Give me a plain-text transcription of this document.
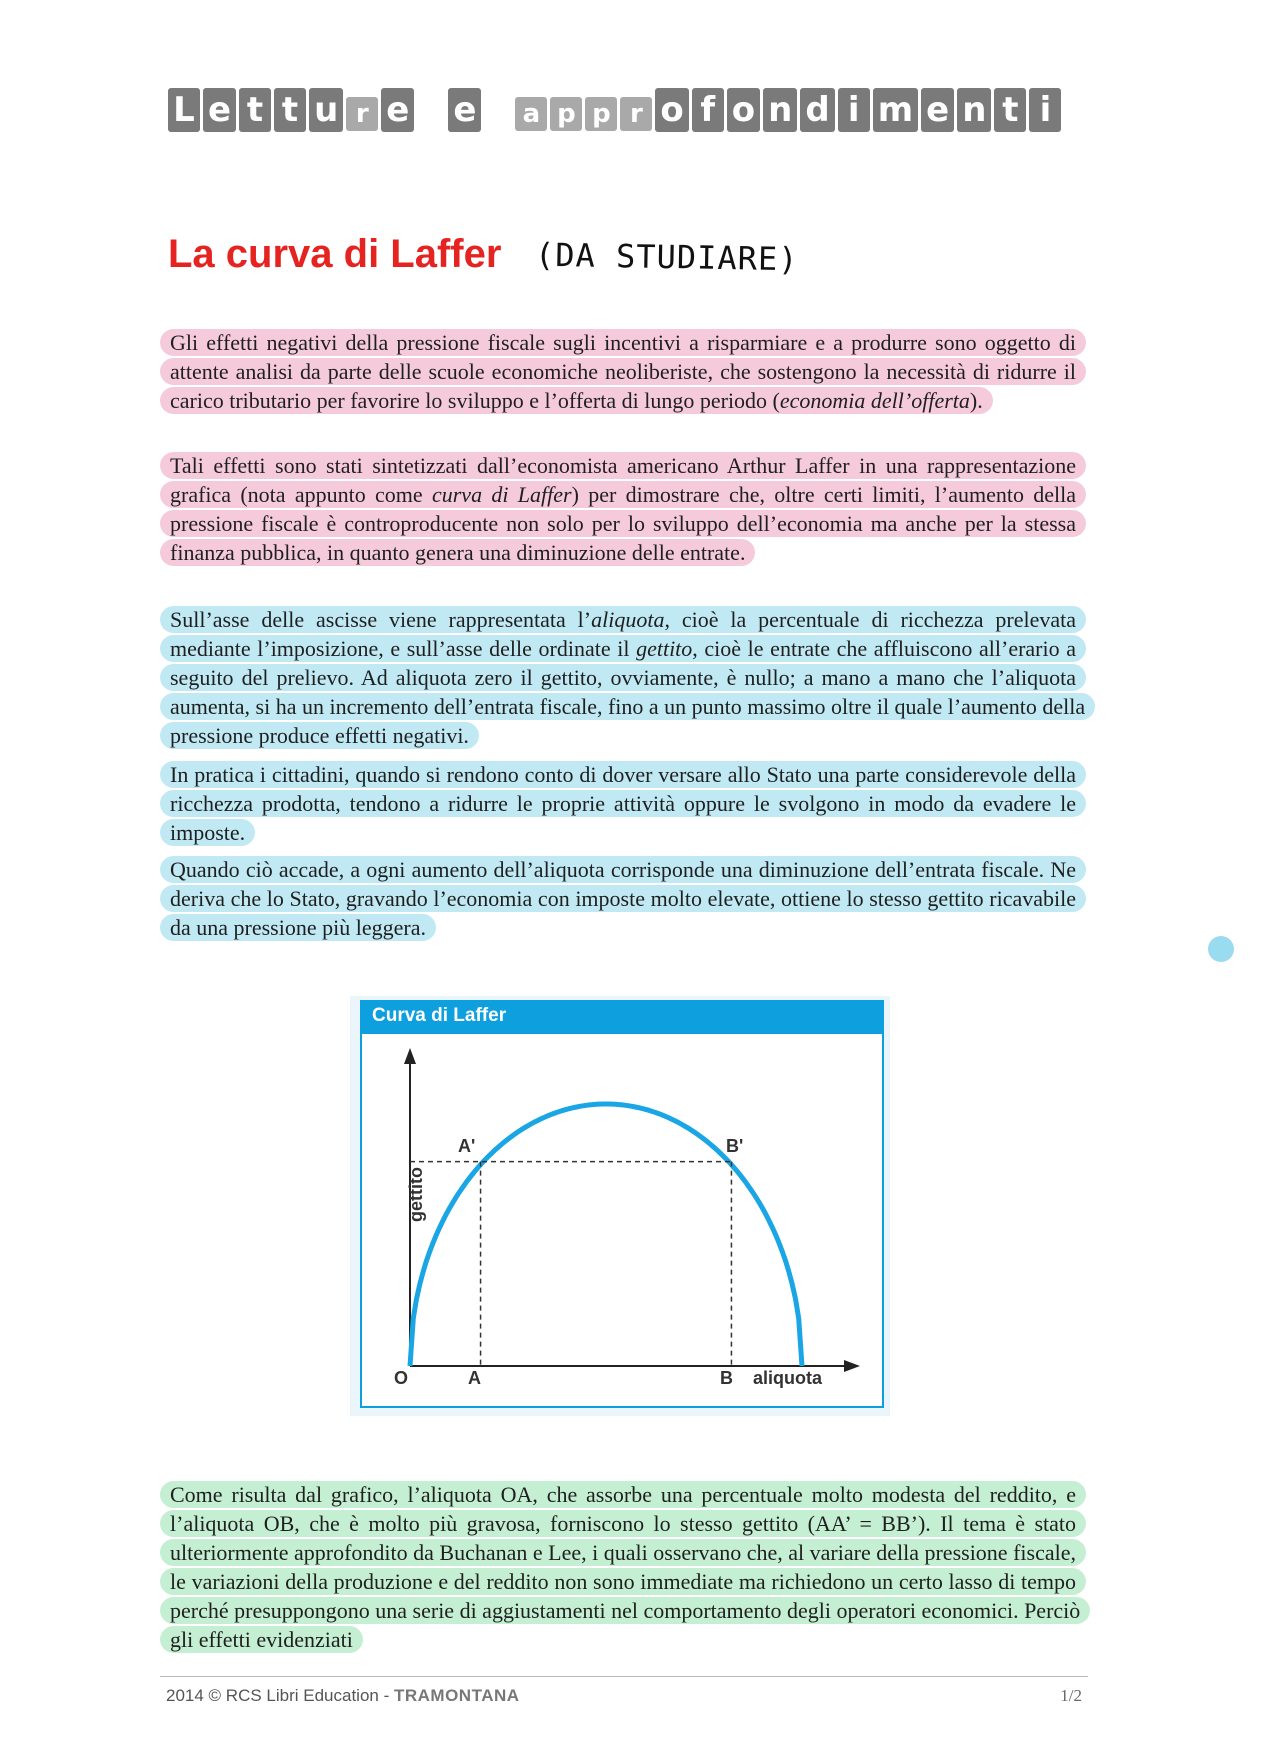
L e t t u r e e a p p r o f o n d i m e n t i
La curva di Laffer (DA STUDIARE)

Gli effetti negativi della pressione fiscale sugli incentivi a risparmiare e a produrre sono oggetto di attente analisi da parte delle scuole economiche neoliberiste, che sostengono la necessità di ridurre il carico tributario per favorire lo sviluppo e l’offerta di lungo periodo (economia dell’offerta).

Tali effetti sono stati sintetizzati dall’economista americano Arthur Laffer in una rappresentazione grafica (nota appunto come curva di Laffer) per dimostrare che, oltre certi limiti, l’aumento della pressione fiscale è controproducente non solo per lo sviluppo dell’economia ma anche per la stessa finanza pubblica, in quanto genera una diminuzione delle entrate.

Sull’asse delle ascisse viene rappresentata l’aliquota, cioè la percentuale di ricchezza prelevata mediante l’imposizione, e sull’asse delle ordinate il gettito, cioè le entrate che affluiscono all’erario a seguito del prelievo. Ad aliquota zero il gettito, ovviamente, è nullo; a mano a mano che l’aliquota aumenta, si ha un incremento dell’entrata fiscale, fino a un punto massimo oltre il quale l’aumento della pressione produce effetti negativi.

In pratica i cittadini, quando si rendono conto di dover versare allo Stato una parte considerevole della ricchezza prodotta, tendono a ridurre le proprie attività oppure le svolgono in modo da evadere le imposte.

Quando ciò accade, a ogni aumento dell’aliquota corrisponde una diminuzione dell’entrata fiscale. Ne deriva che lo Stato, gravando l’economia con imposte molto elevate, ottiene lo stesso gettito ricavabile da una pressione più leggera.

Curva di Laffer
gettito
aliquota
O	A	B
A'	B'

Come risulta dal grafico, l’aliquota OA, che assorbe una percentuale molto modesta del reddito, e l’aliquota OB, che è molto più gravosa, forniscono lo stesso gettito (AA’ = BB’). Il tema è stato ulteriormente approfondito da Buchanan e Lee, i quali osservano che, al variare della pressione fiscale, le variazioni della produzione e del reddito non sono immediate ma richiedono un certo lasso di tempo perché presuppongono una serie di aggiustamenti nel comportamento degli operatori economici. Perciò gli effetti evidenziati

2014 © RCS Libri Education - TRAMONTANA	1/2
